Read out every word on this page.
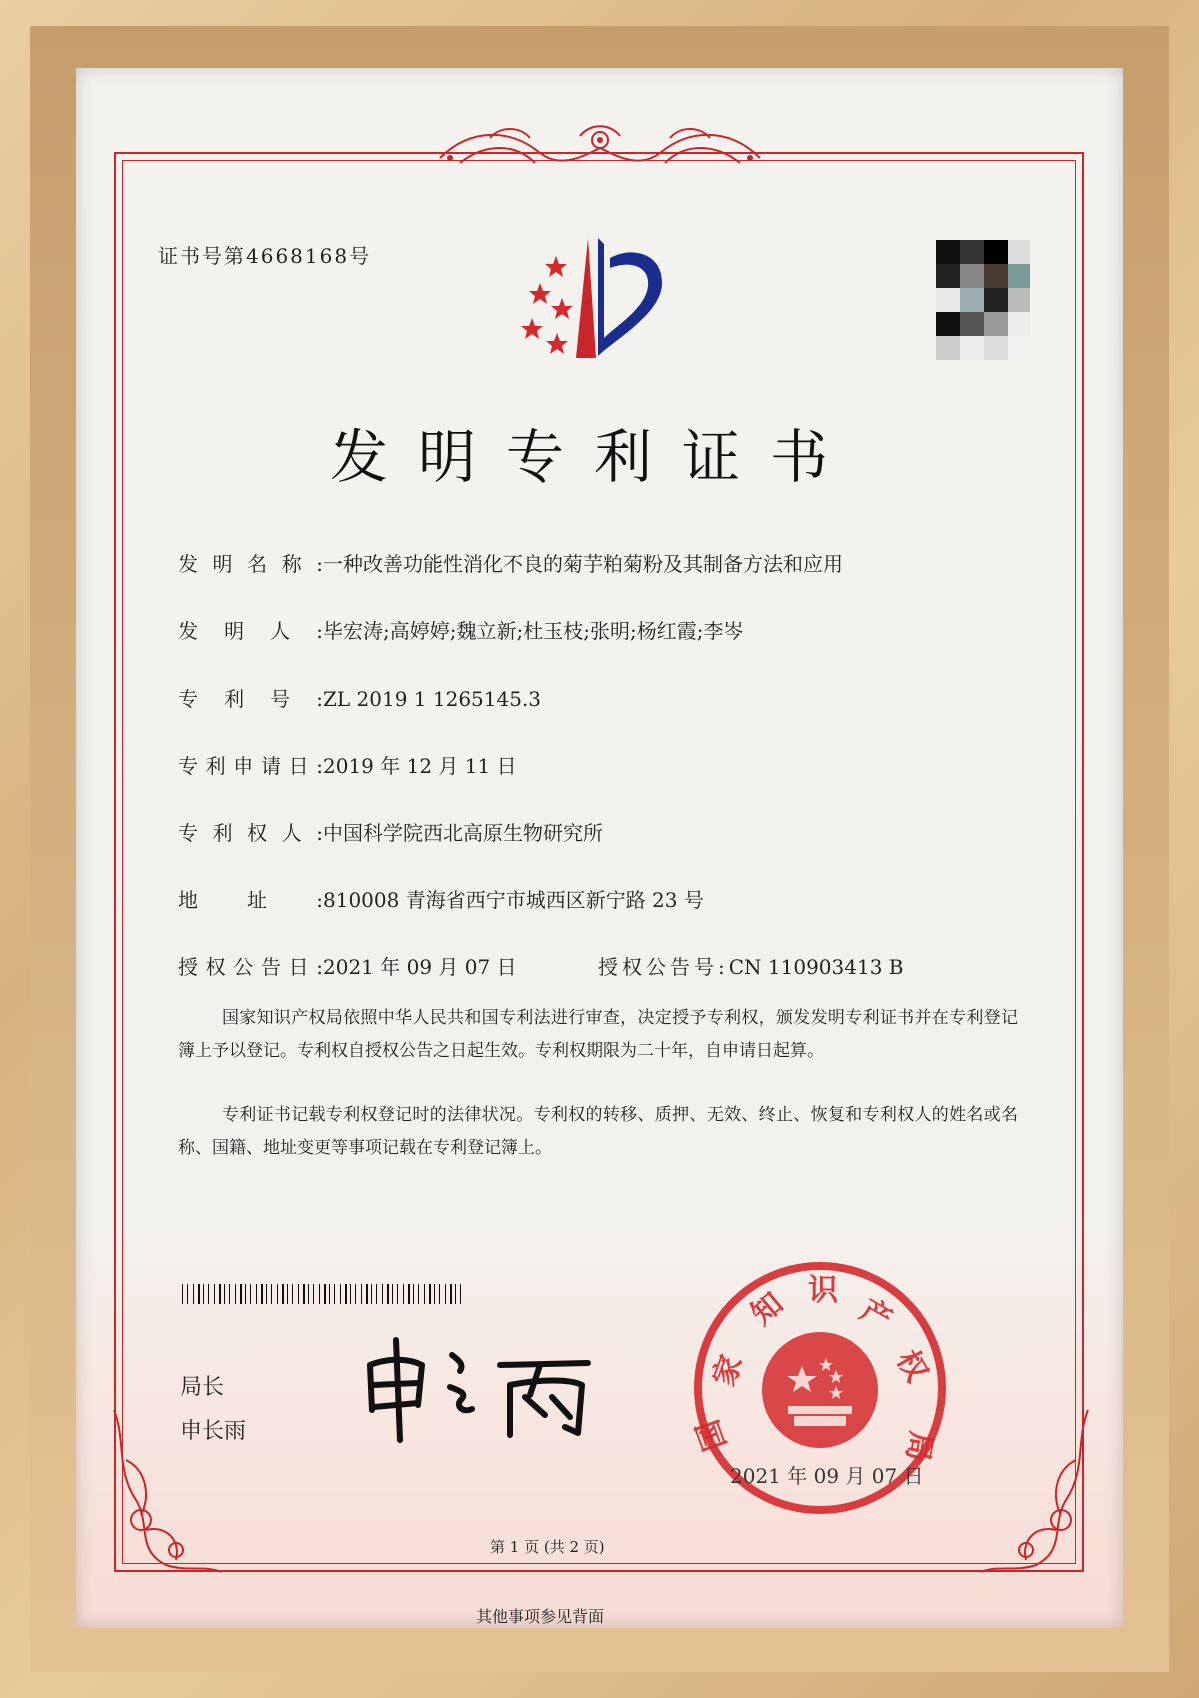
证书号第4668168号
发明专利证书
发明名称:一种改善功能性消化不良的菊芋粕菊粉及其制备方法和应用
发明人:毕宏涛;高婷婷;魏立新;杜玉枝;张明;杨红霞;李岑
专利号:ZL 2019 1 1265145.3
专利申请日:2019 年 12 月 11 日
专利权人:中国科学院西北高原生物研究所
地址:810008 青海省西宁市城西区新宁路 23 号
授权公告日:2021 年 09 月 07 日	授权公告号:CN 110903413 B
国家知识产权局依照中华人民共和国专利法进行审查，决定授予专利权，颁发发明专利证书并在专利登记簿上予以登记。专利权自授权公告之日起生效。专利权期限为二十年，自申请日起算。
专利证书记载专利权登记时的法律状况。专利权的转移、质押、无效、终止、恢复和专利权人的姓名或名称、国籍、地址变更等事项记载在专利登记簿上。
局长
申长雨
家
知 识
产
权
国	局
2021 年 09 月 07 日
第 1 页 (共 2 页)
其他事项参见背面
